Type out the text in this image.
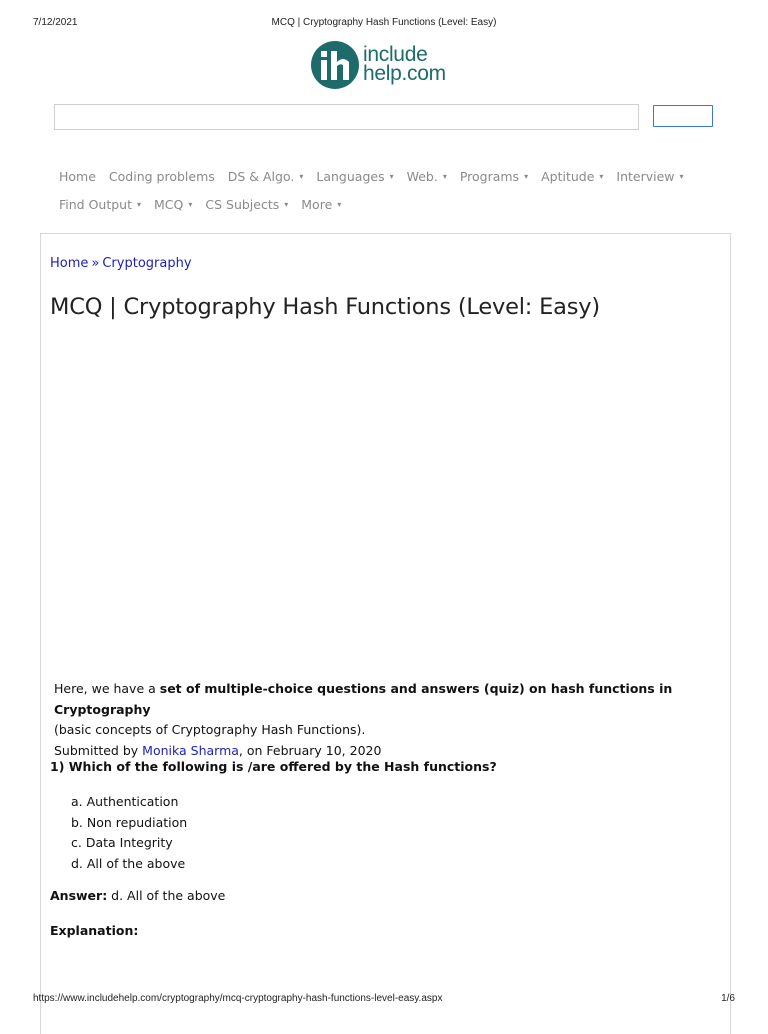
7/12/2021	MCQ | Cryptography Hash Functions (Level: Easy)
include
help.com
Home Coding problems DS & Algo. ▾ Languages ▾ Web. ▾ Programs ▾ Aptitude ▾ Interview ▾
Find Output ▾ MCQ ▾ CS Subjects ▾ More ▾
Home » Cryptography
MCQ | Cryptography Hash Functions (Level: Easy)
Here, we have a set of multiple-choice questions and answers (quiz) on hash functions in Cryptography
(basic concepts of Cryptography Hash Functions).
Submitted by Monika Sharma, on February 10, 2020

1) Which of the following is /are offered by the Hash functions?

a. Authentication
b. Non repudiation
c. Data Integrity
d. All of the above
Answer: d. All of the above
Explanation:
https://www.includehelp.com/cryptography/mcq-cryptography-hash-functions-level-easy.aspx	1/6
